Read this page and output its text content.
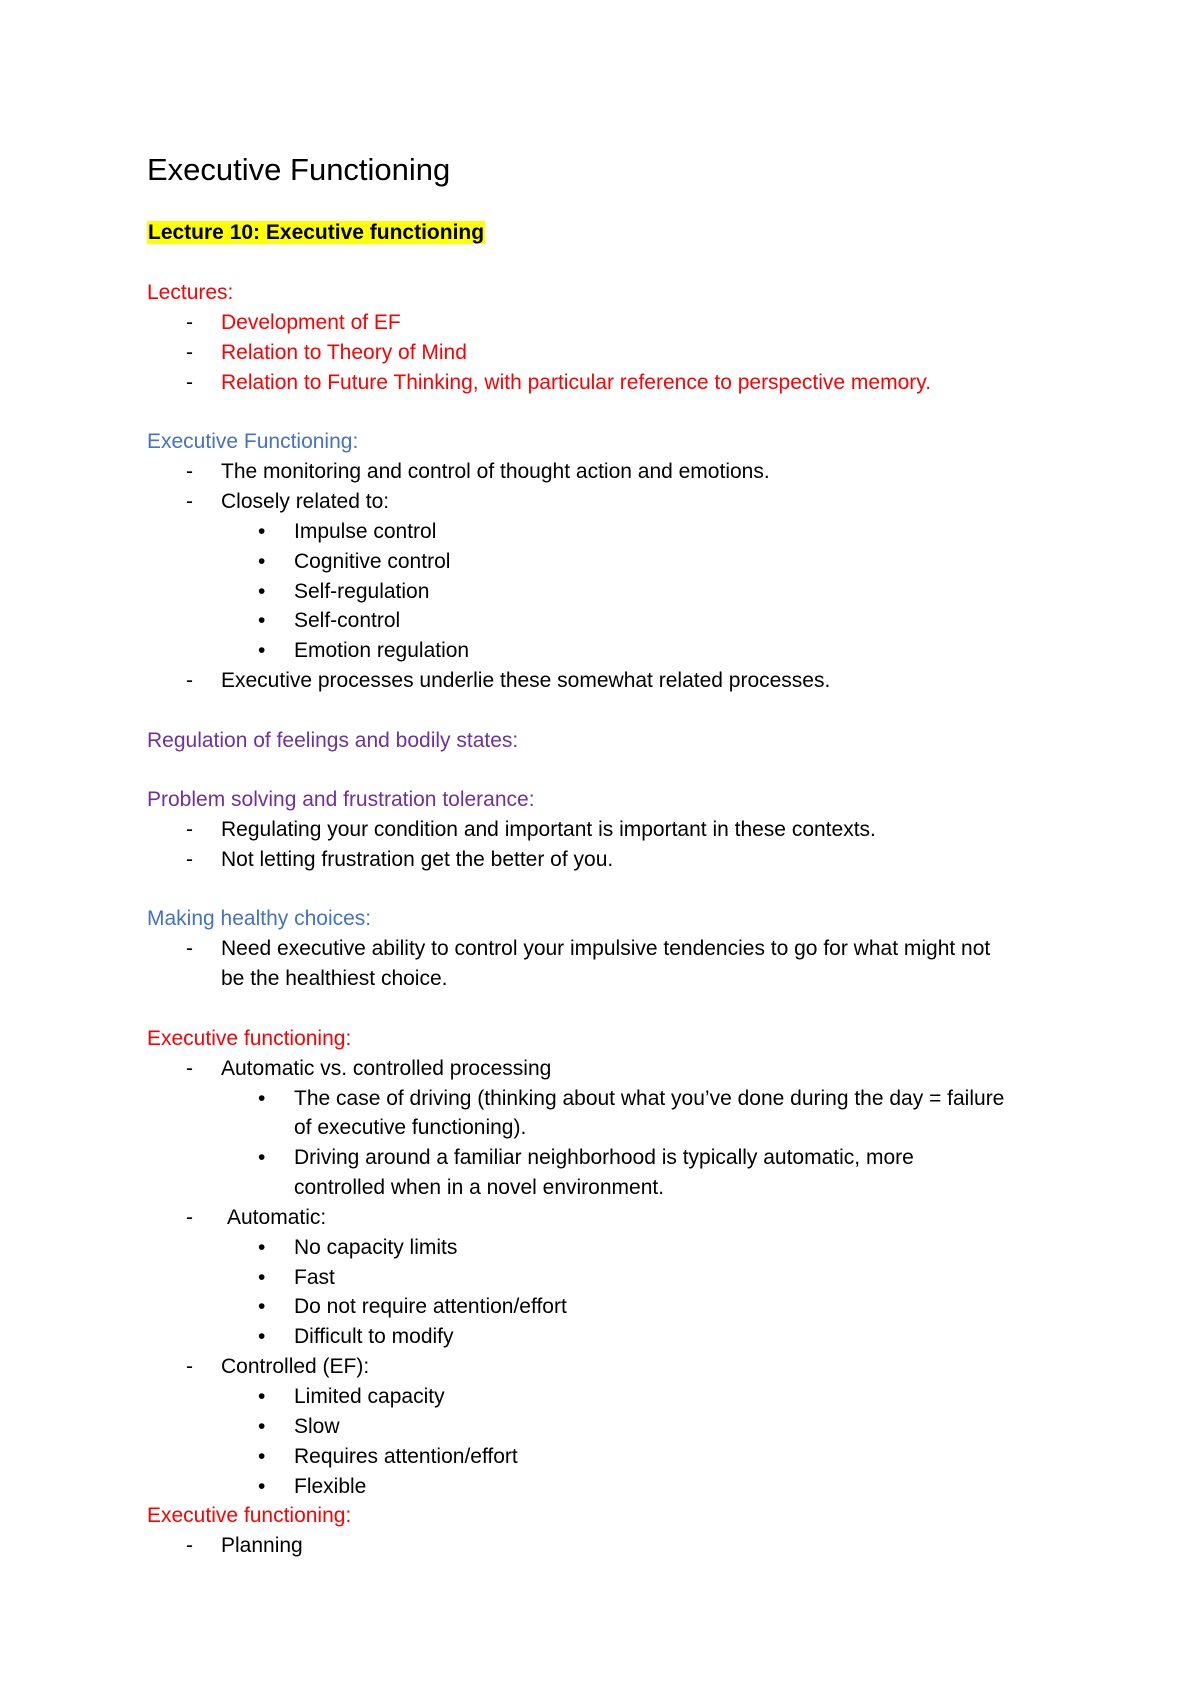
Executive Functioning
Lecture 10: Executive functioning
Lectures:
- Development of EF
- Relation to Theory of Mind
- Relation to Future Thinking, with particular reference to perspective memory.
Executive Functioning:
- The monitoring and control of thought action and emotions.
- Closely related to:
• Impulse control
• Cognitive control
• Self-regulation
• Self-control
• Emotion regulation
- Executive processes underlie these somewhat related processes.
Regulation of feelings and bodily states:
Problem solving and frustration tolerance:
- Regulating your condition and important is important in these contexts.
- Not letting frustration get the better of you.
Making healthy choices:
- Need executive ability to control your impulsive tendencies to go for what might not
be the healthiest choice.
Executive functioning:
- Automatic vs. controlled processing
• The case of driving (thinking about what you’ve done during the day = failure
of executive functioning).
• Driving around a familiar neighborhood is typically automatic, more
controlled when in a novel environment.
- Automatic:
• No capacity limits
• Fast
• Do not require attention/effort
• Difficult to modify
- Controlled (EF):
• Limited capacity
• Slow
• Requires attention/effort
• Flexible
Executive functioning:
- Planning
